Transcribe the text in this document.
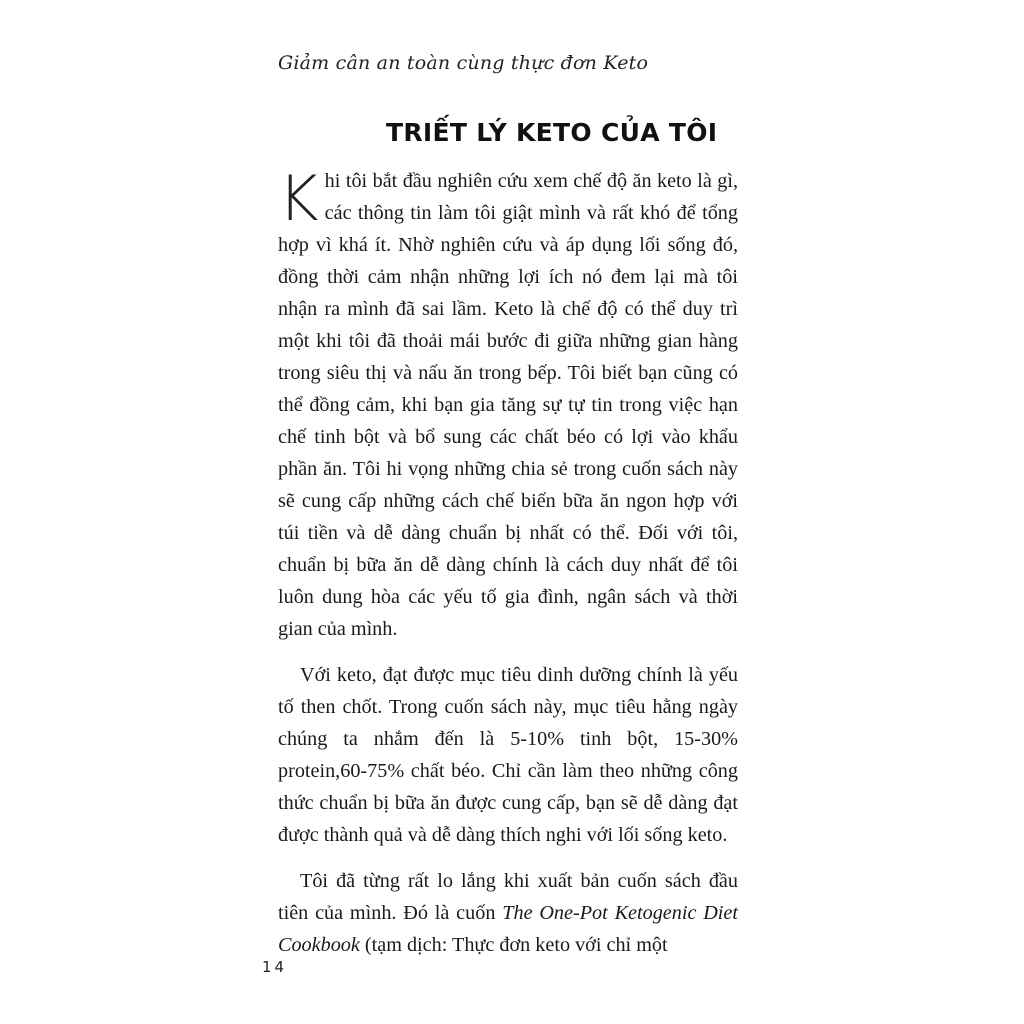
Giảm cân an toàn cùng thực đơn Keto
TRIẾT LÝ KETO CỦA TÔI

Khi tôi bắt đầu nghiên cứu xem chế độ ăn keto là gì, các thông tin làm tôi giật mình và rất khó để tổng hợp vì khá ít. Nhờ nghiên cứu và áp dụng lối sống đó, đồng thời cảm nhận những lợi ích nó đem lại mà tôi nhận ra mình đã sai lầm. Keto là chế độ có thể duy trì một khi tôi đã thoải mái bước đi giữa những gian hàng trong siêu thị và nấu ăn trong bếp. Tôi biết bạn cũng có thể đồng cảm, khi bạn gia tăng sự tự tin trong việc hạn chế tinh bột và bổ sung các chất béo có lợi vào khẩu phần ăn. Tôi hi vọng những chia sẻ trong cuốn sách này sẽ cung cấp những cách chế biến bữa ăn ngon hợp với túi tiền và dễ dàng chuẩn bị nhất có thể. Đối với tôi, chuẩn bị bữa ăn dễ dàng chính là cách duy nhất để tôi luôn dung hòa các yếu tố gia đình, ngân sách và thời gian của mình.

Với keto, đạt được mục tiêu dinh dưỡng chính là yếu tố then chốt. Trong cuốn sách này, mục tiêu hằng ngày chúng ta nhắm đến là 5-10% tinh bột, 15-30% protein,60-75% chất béo. Chỉ cần làm theo những công thức chuẩn bị bữa ăn được cung cấp, bạn sẽ dễ dàng đạt được thành quả và dễ dàng thích nghi với lối sống keto.

Tôi đã từng rất lo lắng khi xuất bản cuốn sách đầu tiên của mình. Đó là cuốn The One-Pot Ketogenic Diet Cookbook (tạm dịch: Thực đơn keto với chỉ một

14
